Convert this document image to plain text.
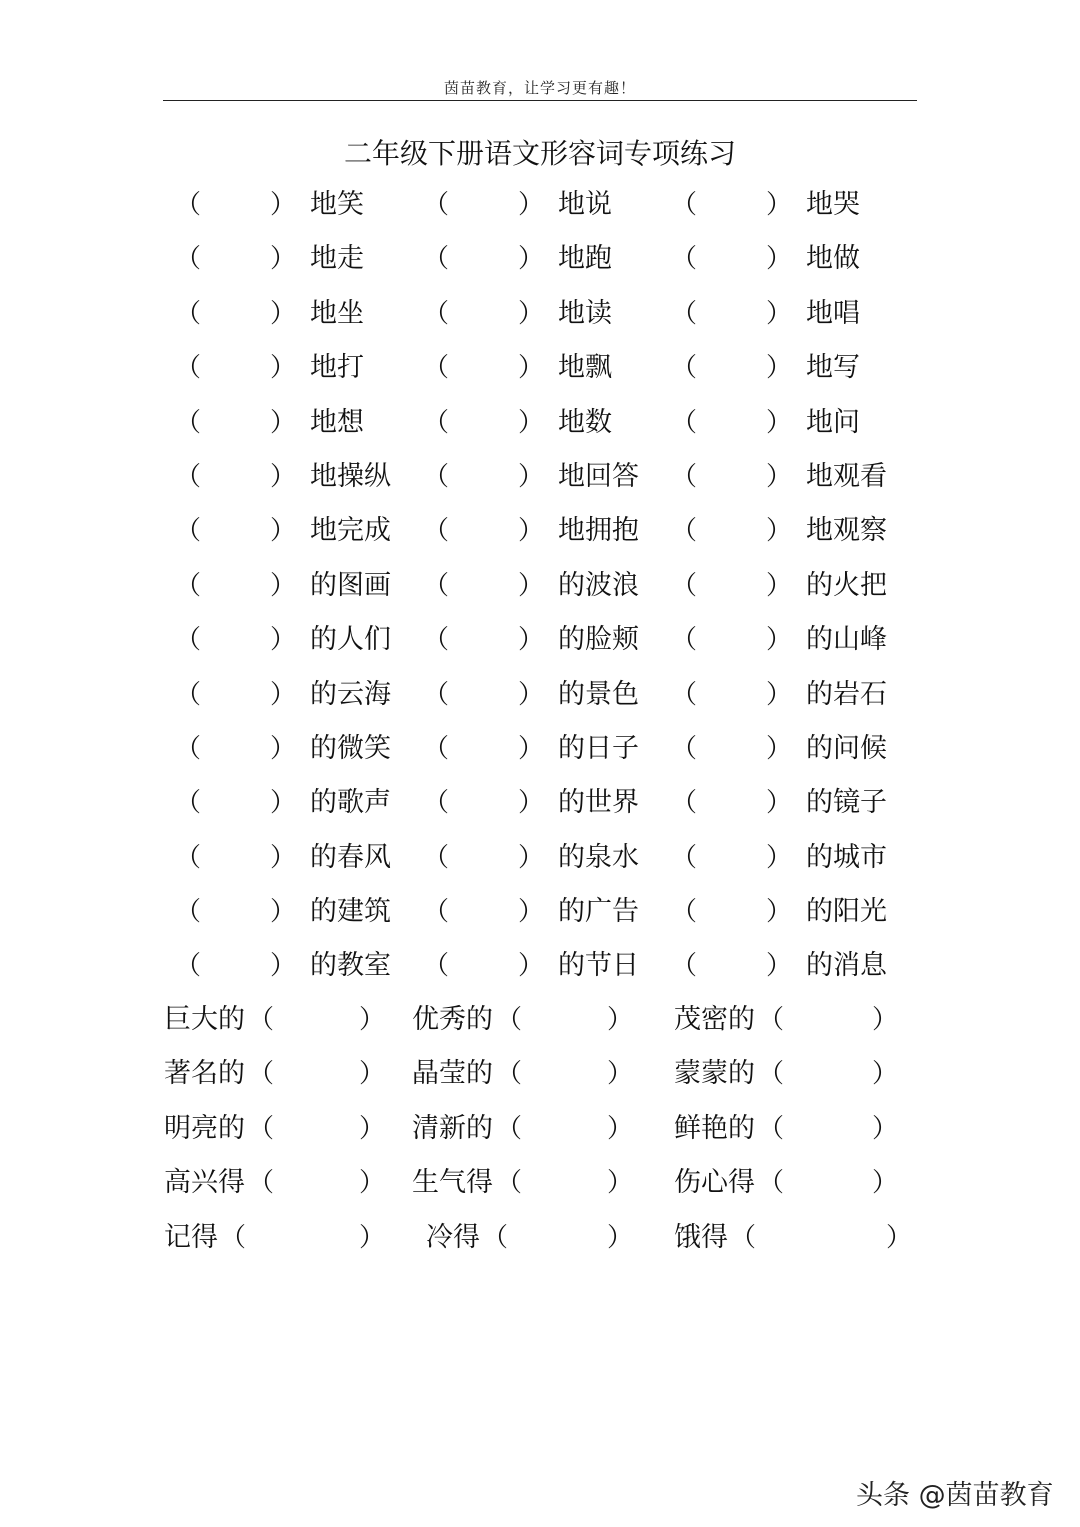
茵苗教育，让学习更有趣！
二年级下册语文形容词专项练习
（	） 地笑 （	） 地说 （	） 地哭
（	） 地走 （	） 地跑 （	） 地做
（	） 地坐 （	） 地读 （	） 地唱
（	） 地打 （	） 地飘 （	） 地写
（	） 地想 （	） 地数 （	） 地问
（	） 地操纵 （	） 地回答 （	） 地观看
（	） 地完成 （	） 地拥抱 （	） 地观察
（	） 的图画 （	） 的波浪 （	） 的火把
（	） 的人们 （	） 的脸颊 （	） 的山峰
（	） 的云海 （	） 的景色 （	） 的岩石
（	） 的微笑 （	） 的日子 （	） 的问候
（	） 的歌声 （	） 的世界 （	） 的镜子
（	） 的春风 （	） 的泉水 （	） 的城市
（	） 的建筑 （	） 的广告 （	） 的阳光
（	） 的教室 （	） 的节日 （	） 的消息
巨大的 （	） 优秀的 （	） 茂密的 （	）
著名的 （	） 晶莹的 （	） 蒙蒙的 （	）
明亮的 （	） 清新的 （	） 鲜艳的 （	）
高兴得 （	） 生气得 （	） 伤心得 （	）
记得 （	） 冷得 （	） 饿得 （	）
头条 @茵苗教育
